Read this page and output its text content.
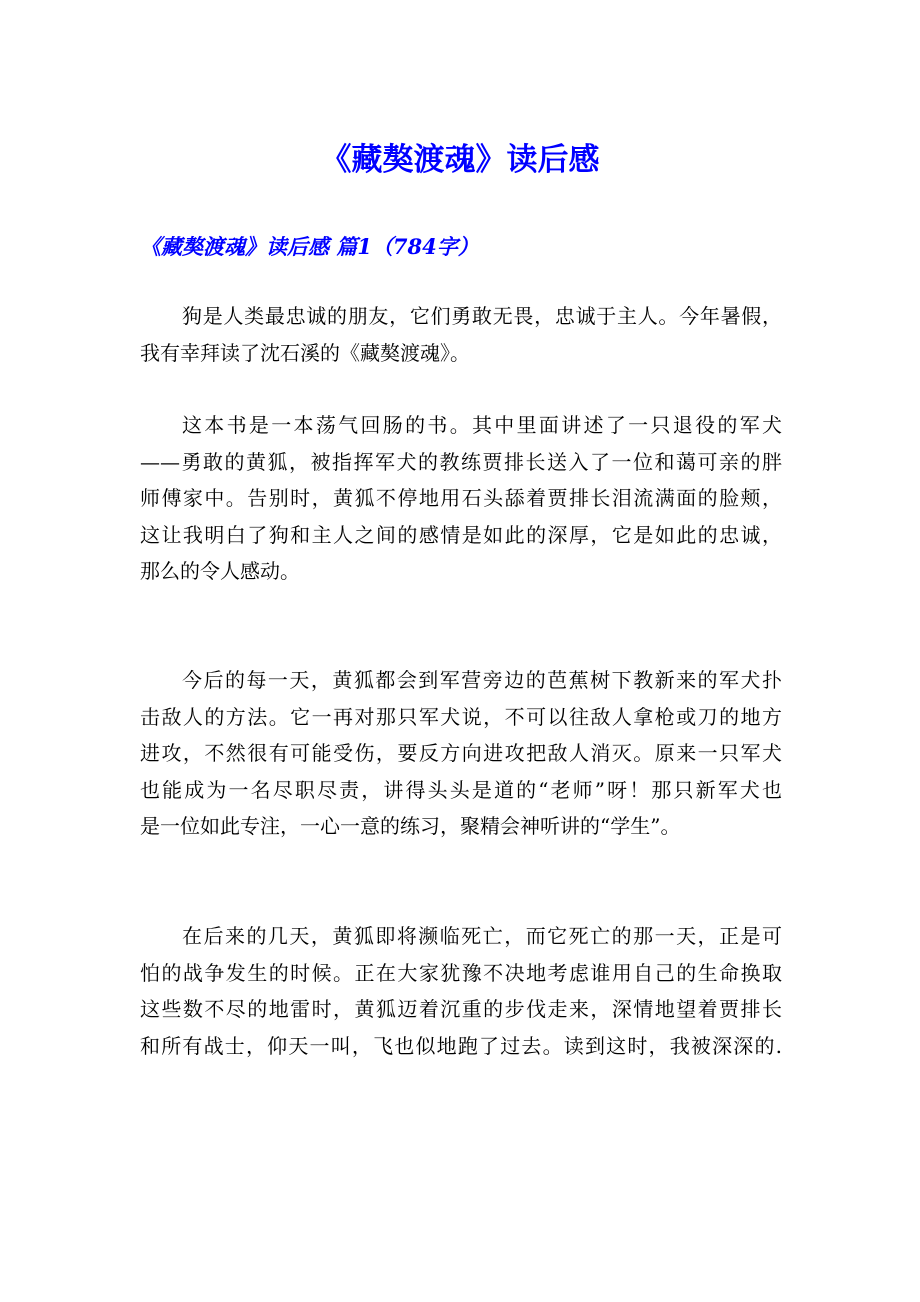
《藏獒渡魂》读后感
《藏獒渡魂》读后感 篇1（784字）
狗是人类最忠诚的朋友，它们勇敢无畏，忠诚于主人。今年暑假，
我有幸拜读了沈石溪的《藏獒渡魂》。
这本书是一本荡气回肠的书。其中里面讲述了一只退役的军犬
——勇敢的黄狐，被指挥军犬的教练贾排长送入了一位和蔼可亲的胖
师傅家中。告别时，黄狐不停地用石头舔着贾排长泪流满面的脸颊，
这让我明白了狗和主人之间的感情是如此的深厚，它是如此的忠诚，
那么的令人感动。
今后的每一天，黄狐都会到军营旁边的芭蕉树下教新来的军犬扑
击敌人的方法。它一再对那只军犬说，不可以往敌人拿枪或刀的地方
进攻，不然很有可能受伤，要反方向进攻把敌人消灭。原来一只军犬
也能成为一名尽职尽责，讲得头头是道的“老师”呀！那只新军犬也
是一位如此专注，一心一意的练习，聚精会神听讲的“学生”。
在后来的几天，黄狐即将濒临死亡，而它死亡的那一天，正是可
怕的战争发生的时候。正在大家犹豫不决地考虑谁用自己的生命换取
这些数不尽的地雷时，黄狐迈着沉重的步伐走来，深情地望着贾排长
和所有战士，仰天一叫，飞也似地跑了过去。读到这时，我被深深的.
